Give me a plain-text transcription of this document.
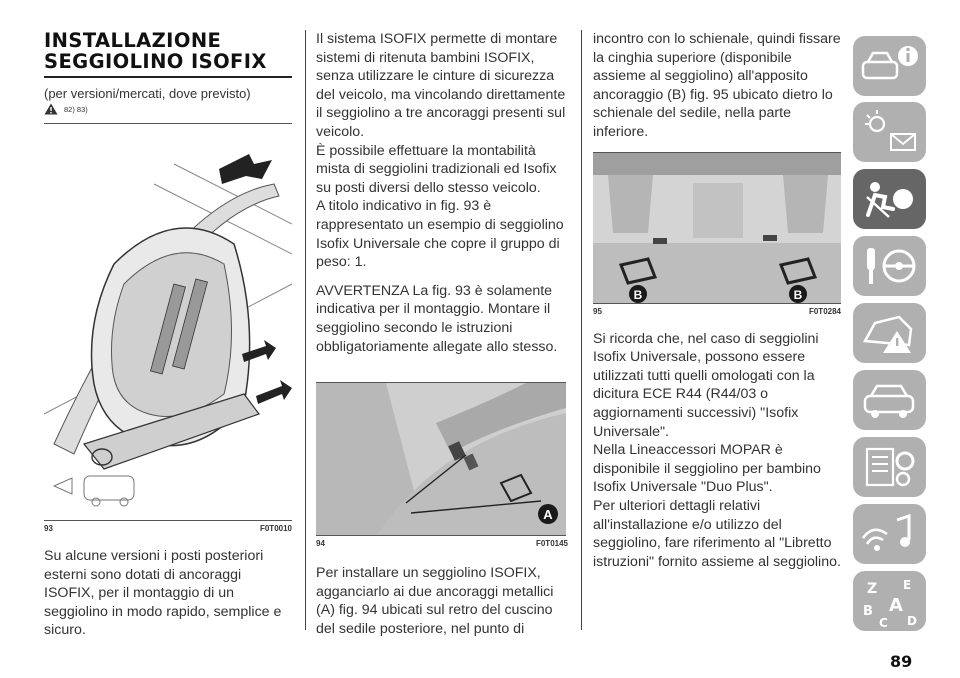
INSTALLAZIONE
SEGGIOLINO ISOFIX
(per versioni/mercati, dove previsto)
82) 83)
93	F0T0010

Su alcune versioni i posti posteriori esterni sono dotati di ancoraggi ISOFIX, per il montaggio di un seggiolino in modo rapido, semplice e sicuro.

Il sistema ISOFIX permette di montare sistemi di ritenuta bambini ISOFIX, senza utilizzare le cinture di sicurezza del veicolo, ma vincolando direttamente il seggiolino a tre ancoraggi presenti sul veicolo.

È possibile effettuare la montabilità mista di seggiolini tradizionali ed Isofix su posti diversi dello stesso veicolo.

A titolo indicativo in fig. 93 è rappresentato un esempio di seggiolino Isofix Universale che copre il gruppo di peso: 1.

AVVERTENZA La fig. 93 è solamente indicativa per il montaggio. Montare il seggiolino secondo le istruzioni obbligatoriamente allegate allo stesso.

A
94	F0T0145

Per installare un seggiolino ISOFIX, agganciarlo ai due ancoraggi metallici (A) fig. 94 ubicati sul retro del cuscino del sedile posteriore, nel punto di

incontro con lo schienale, quindi fissare la cinghia superiore (disponibile assieme al seggiolino) all'apposito ancoraggio (B) fig. 95 ubicato dietro lo schienale del sedile, nella parte inferiore.

B	B
95	F0T0284

Si ricorda che, nel caso di seggiolini Isofix Universale, possono essere utilizzati tutti quelli omologati con la dicitura ECE R44 (R44/03 o aggiornamenti successivi) "Isofix Universale".

Nella Lineaccessori MOPAR è disponibile il seggiolino per bambino Isofix Universale "Duo Plus".

Per ulteriori dettagli relativi all'installazione e/o utilizzo del seggiolino, fare riferimento al "Libretto istruzioni" fornito assieme al seggiolino.

Z E
B A
C D
89
